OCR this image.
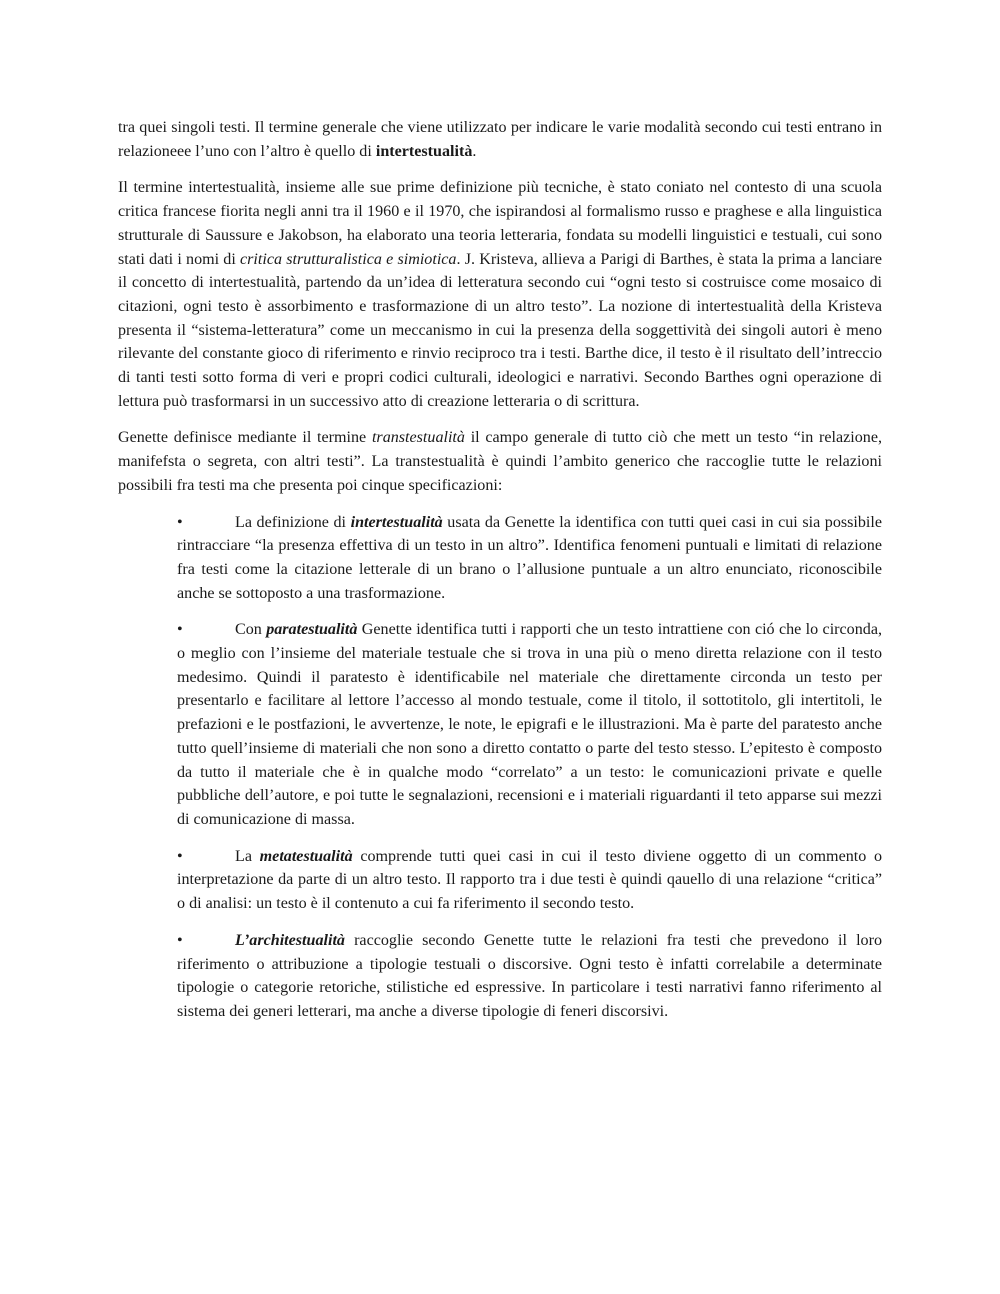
tra quei singoli testi. Il termine generale che viene utilizzato per indicare le varie modalità secondo cui testi entrano in relazioneee l’uno con l’altro è quello di intertestualità.

Il termine intertestualità, insieme alle sue prime definizione più tecniche, è stato coniato nel contesto di una scuola critica francese fiorita negli anni tra il 1960 e il 1970, che ispirandosi al formalismo russo e praghese e alla linguistica strutturale di Saussure e Jakobson, ha elaborato una teoria letteraria, fondata su modelli linguistici e testuali, cui sono stati dati i nomi di critica strutturalistica e simiotica. J. Kristeva, allieva a Parigi di Barthes, è stata la prima a lanciare il concetto di intertestualità, partendo da un’idea di letteratura secondo cui “ogni testo si costruisce come mosaico di citazioni, ogni testo è assorbimento e trasformazione di un altro testo”. La nozione di intertestualità della Kristeva presenta il “sistema-letteratura” come un meccanismo in cui la presenza della soggettività dei singoli autori è meno rilevante del constante gioco di riferimento e rinvio reciproco tra i testi. Barthe dice, il testo è il risultato dell’intreccio di tanti testi sotto forma di veri e propri codici culturali, ideologici e narrativi. Secondo Barthes ogni operazione di lettura può trasformarsi in un successivo atto di creazione letteraria o di scrittura.

Genette definisce mediante il termine transtestualità il campo generale di tutto ciò che mett un testo “in relazione, manifefsta o segreta, con altri testi”. La transtestualità è quindi l’ambito generico che raccoglie tutte le relazioni possibili fra testi ma che presenta poi cinque specificazioni:

•	La definizione di intertestualità usata da Genette la identifica con tutti quei casi in cui sia possibile rintracciare “la presenza effettiva di un testo in un altro”. Identifica fenomeni puntuali e limitati di relazione fra testi come la citazione letterale di un brano o l’allusione puntuale a un altro enunciato, riconoscibile anche se sottoposto a una trasformazione.
•	Con paratestualità Genette identifica tutti i rapporti che un testo intrattiene con ció che lo circonda, o meglio con l’insieme del materiale testuale che si trova in una più o meno diretta relazione con il testo medesimo. Quindi il paratesto è identificabile nel materiale che direttamente circonda un testo per presentarlo e facilitare al lettore l’accesso al mondo testuale, come il titolo, il sottotitolo, gli intertitoli, le prefazioni e le postfazioni, le avvertenze, le note, le epigrafi e le illustrazioni. Ma è parte del paratesto anche tutto quell’insieme di materiali che non sono a diretto contatto o parte del testo stesso. L’epitesto è composto da tutto il materiale che è in qualche modo “correlato” a un testo: le comunicazioni private e quelle pubbliche dell’autore, e poi tutte le segnalazioni, recensioni e i materiali riguardanti il teto apparse sui mezzi di comunicazione di massa.
•	La metatestualità comprende tutti quei casi in cui il testo diviene oggetto di un commento o interpretazione da parte di un altro testo. Il rapporto tra i due testi è quindi qauello di una relazione “critica” o di analisi: un testo è il contenuto a cui fa riferimento il secondo testo.
•	L’architestualità raccoglie secondo Genette tutte le relazioni fra testi che prevedono il loro riferimento o attribuzione a tipologie testuali o discorsive. Ogni testo è infatti correlabile a determinate tipologie o categorie retoriche, stilistiche ed espressive. In particolare i testi narrativi fanno riferimento al sistema dei generi letterari, ma anche a diverse tipologie di feneri discorsivi.
